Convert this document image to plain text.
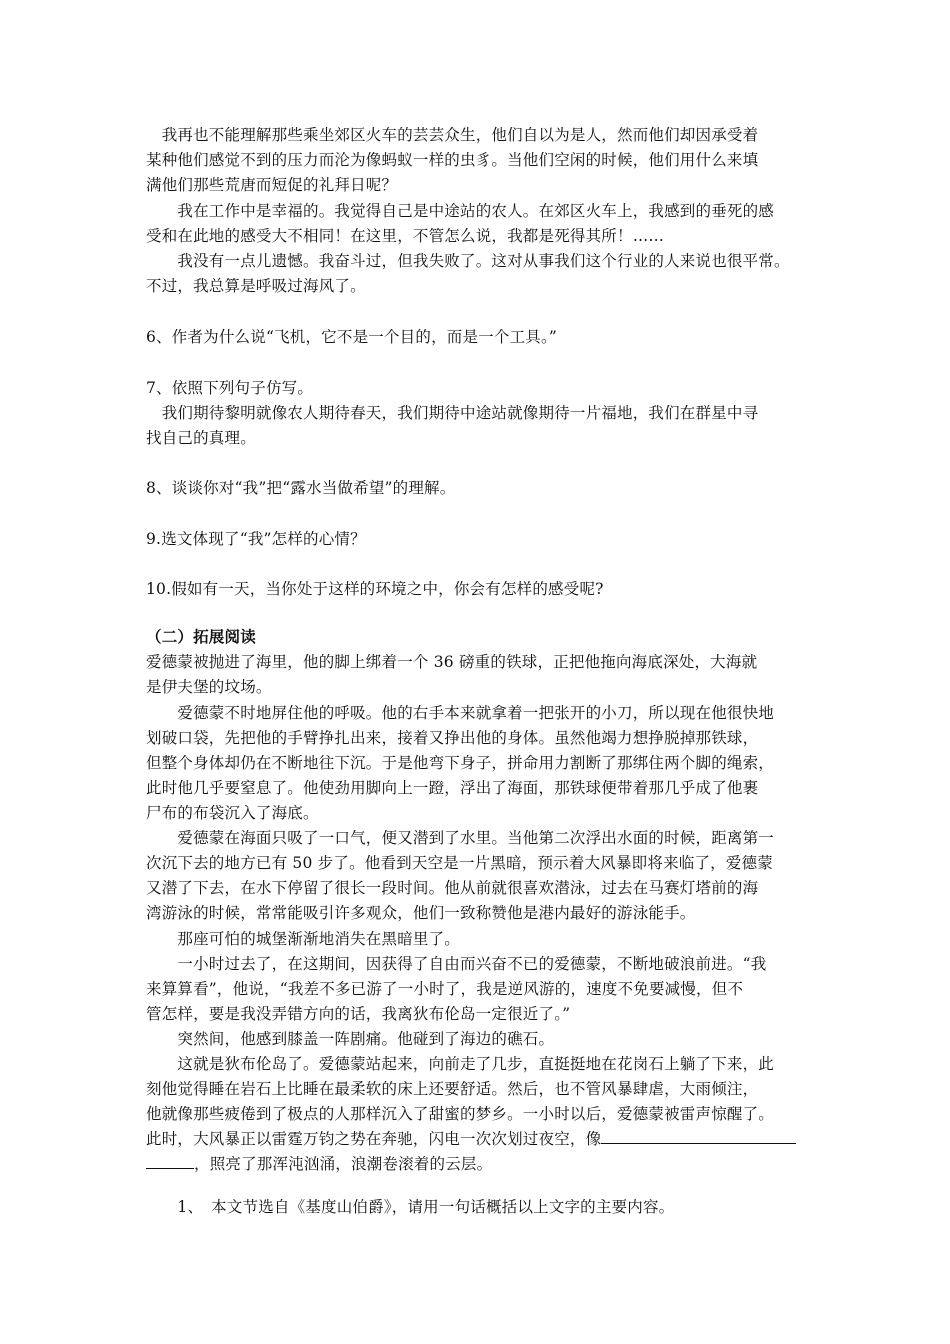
　我再也不能理解那些乘坐郊区火车的芸芸众生，他们自以为是人，然而他们却因承受着
某种他们感觉不到的压力而沦为像蚂蚁一样的虫豸。当他们空闲的时候，他们用什么来填
满他们那些荒唐而短促的礼拜日呢？
　　我在工作中是幸福的。我觉得自己是中途站的农人。在郊区火车上，我感到的垂死的感
受和在此地的感受大不相同！在这里，不管怎么说，我都是死得其所！……
　　我没有一点儿遗憾。我奋斗过，但我失败了。这对从事我们这个行业的人来说也很平常。
不过，我总算是呼吸过海风了。
6、作者为什么说“飞机，它不是一个目的，而是一个工具。”
7、依照下列句子仿写。
　我们期待黎明就像农人期待春天，我们期待中途站就像期待一片福地，我们在群星中寻
找自己的真理。
8、谈谈你对“我”把“露水当做希望”的理解。
9.选文体现了“我”怎样的心情？
10.假如有一天，当你处于这样的环境之中，你会有怎样的感受呢?
（二）拓展阅读
爱德蒙被抛进了海里，他的脚上绑着一个 36 磅重的铁球，正把他拖向海底深处，大海就
是伊夫堡的坟场。
　　爱德蒙不时地屏住他的呼吸。他的右手本来就拿着一把张开的小刀，所以现在他很快地
划破口袋，先把他的手臂挣扎出来，接着又挣出他的身体。虽然他竭力想挣脱掉那铁球，
但整个身体却仍在不断地往下沉。于是他弯下身子，拼命用力割断了那绑住两个脚的绳索，
此时他几乎要窒息了。他使劲用脚向上一蹬，浮出了海面，那铁球便带着那几乎成了他裹
尸布的布袋沉入了海底。
　　爱德蒙在海面只吸了一口气，便又潜到了水里。当他第二次浮出水面的时候，距离第一
次沉下去的地方已有 50 步了。他看到天空是一片黑暗，预示着大风暴即将来临了，爱德蒙
又潜了下去，在水下停留了很长一段时间。他从前就很喜欢潜泳，过去在马赛灯塔前的海
湾游泳的时候，常常能吸引许多观众，他们一致称赞他是港内最好的游泳能手。
　　那座可怕的城堡渐渐地消失在黑暗里了。
　　一小时过去了，在这期间，因获得了自由而兴奋不已的爱德蒙，不断地破浪前进。“我
来算算看”，他说，“我差不多已游了一小时了，我是逆风游的，速度不免要减慢，但不
管怎样，要是我没弄错方向的话，我离狄布伦岛一定很近了。”
　　突然间，他感到膝盖一阵剧痛。他碰到了海边的礁石。
　　这就是狄布伦岛了。爱德蒙站起来，向前走了几步，直挺挺地在花岗石上躺了下来，此
刻他觉得睡在岩石上比睡在最柔软的床上还要舒适。然后，也不管风暴肆虐，大雨倾注，
他就像那些疲倦到了极点的人那样沉入了甜蜜的梦乡。一小时以后，爱德蒙被雷声惊醒了。
此时，大风暴正以雷霆万钧之势在奔驰，闪电一次次划过夜空，像
，照亮了那浑沌汹涌，浪潮卷滚着的云层。
　　1、　本文节选自《基度山伯爵》，请用一句话概括以上文字的主要内容。
